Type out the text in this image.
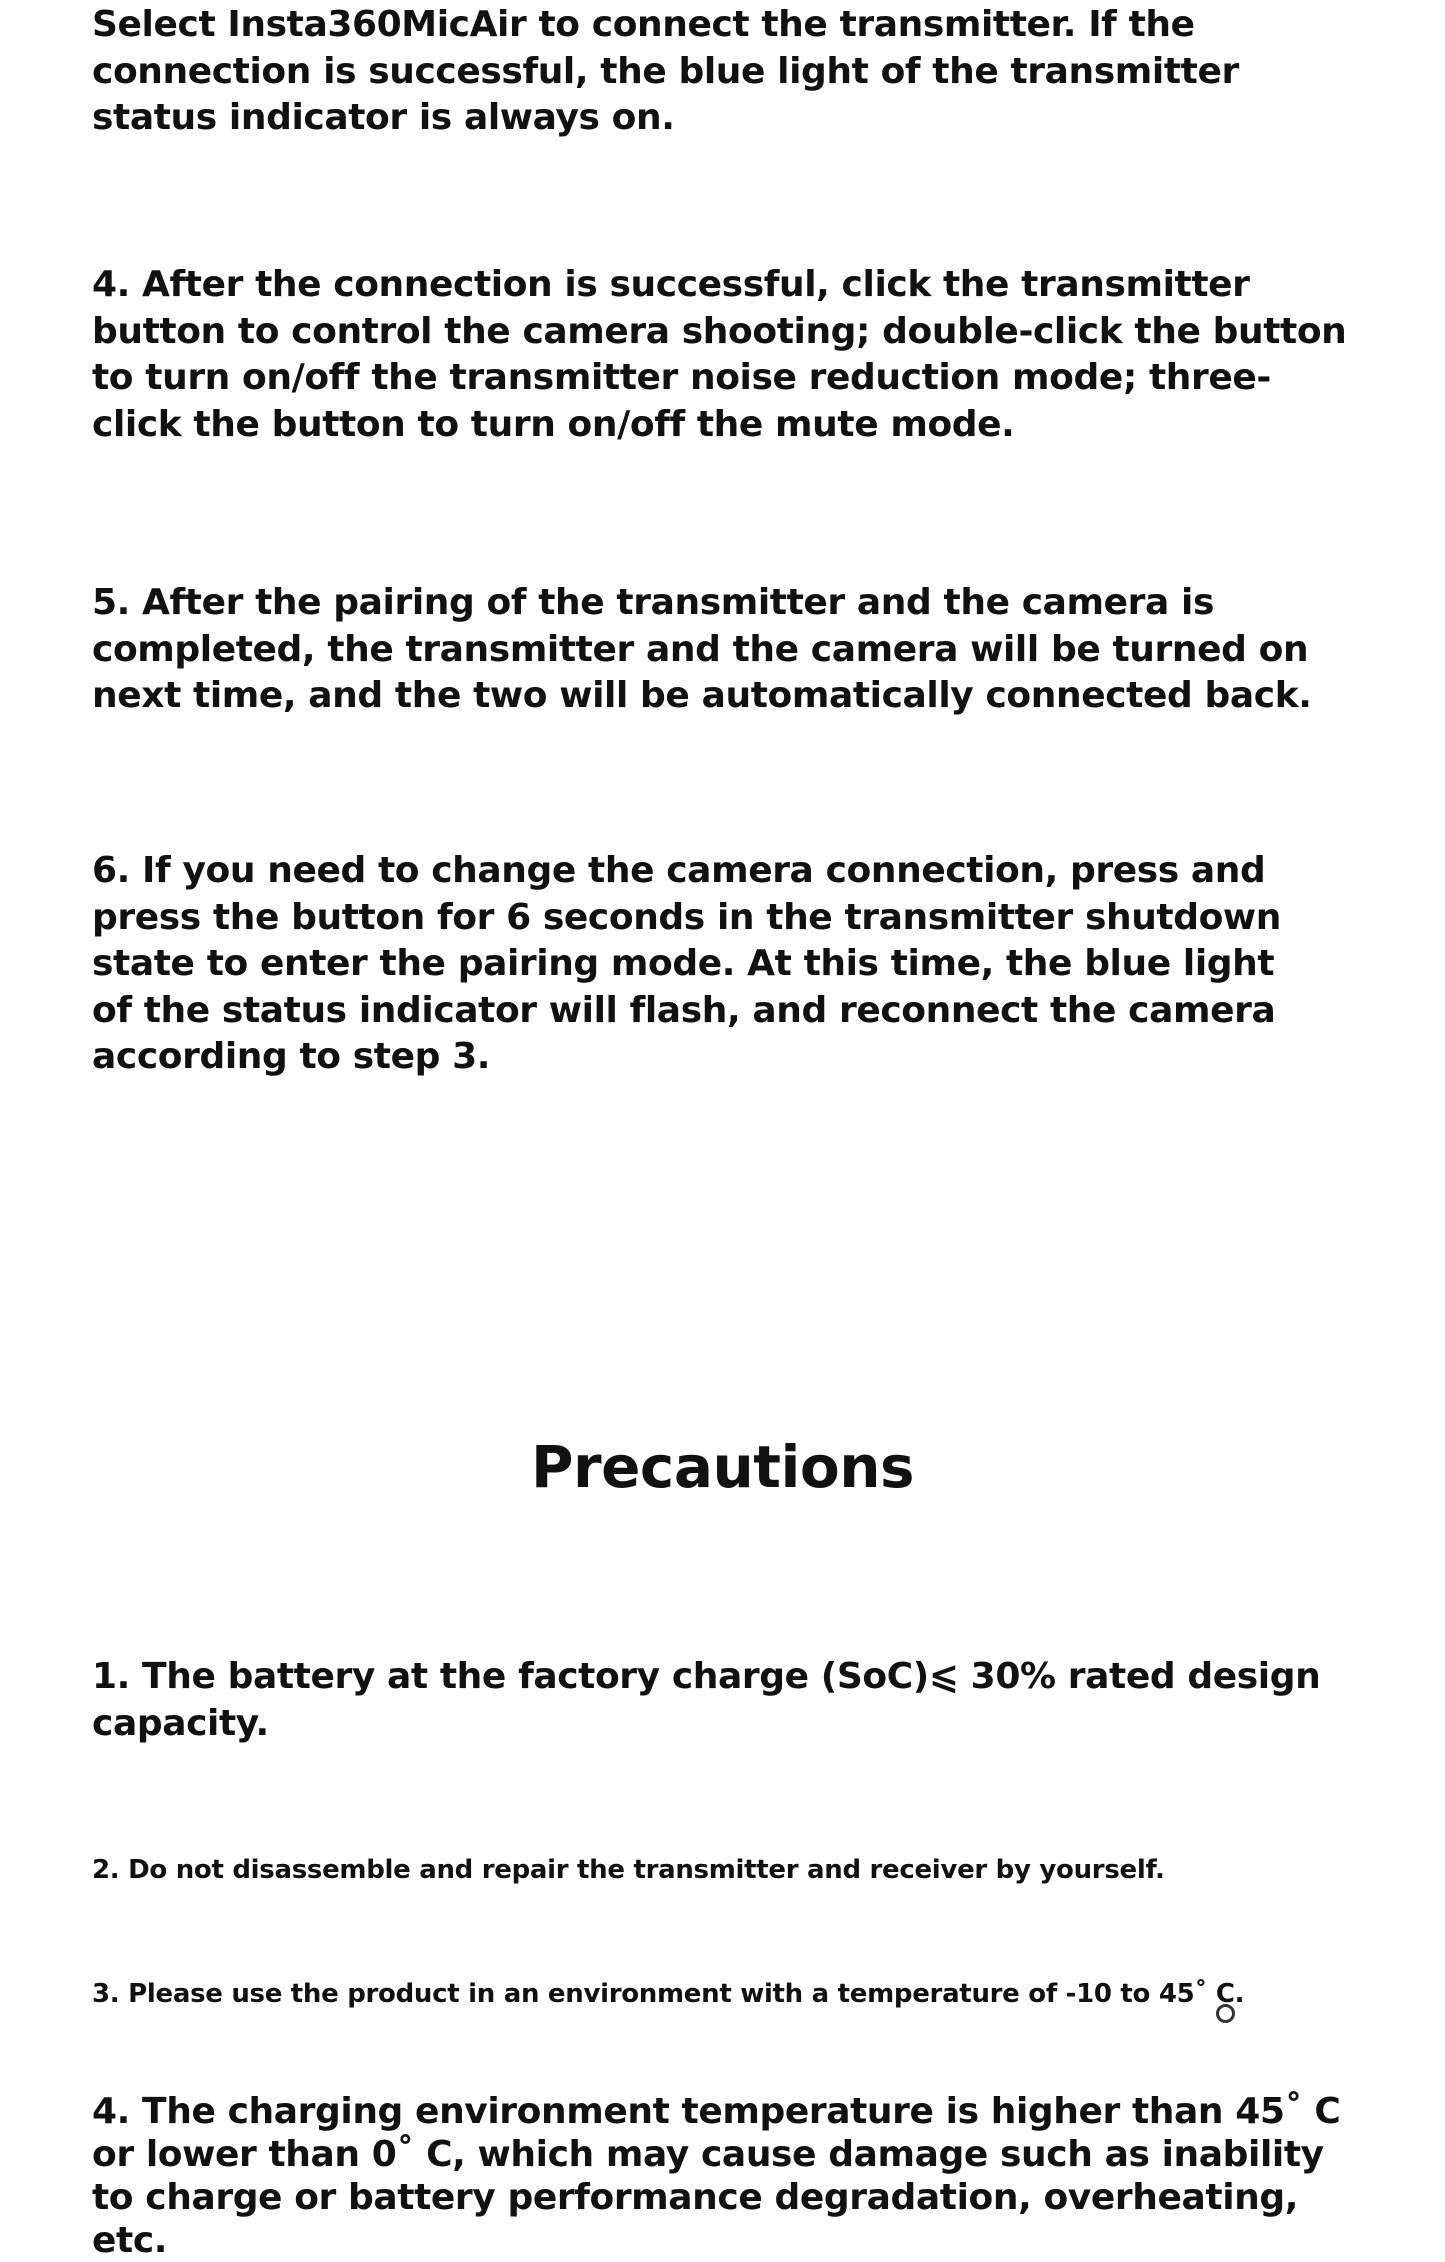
Select Insta360MicAir to connect the transmitter. If the connection is successful, the blue light of the transmitter status indicator is always on.

4. After the connection is successful, click the transmitter button to control the camera shooting; double-click the button to turn on/off the transmitter noise reduction mode; three-click the button to turn on/off the mute mode.

5. After the pairing of the transmitter and the camera is completed, the transmitter and the camera will be turned on next time, and the two will be automatically connected back.

6. If you need to change the camera connection, press and press the button for 6 seconds in the transmitter shutdown state to enter the pairing mode. At this time, the blue light of the status indicator will flash, and reconnect the camera according to step 3.

Precautions

1. The battery at the factory charge (SoC)⩽ 30% rated design capacity.

2. Do not disassemble and repair the transmitter and receiver by yourself.

3. Please use the product in an environment with a temperature of -10 to 45˚ C.

4. The charging environment temperature is higher than 45˚ C or lower than 0˚ C, which may cause damage such as inability to charge or battery performance degradation, overheating, etc.
